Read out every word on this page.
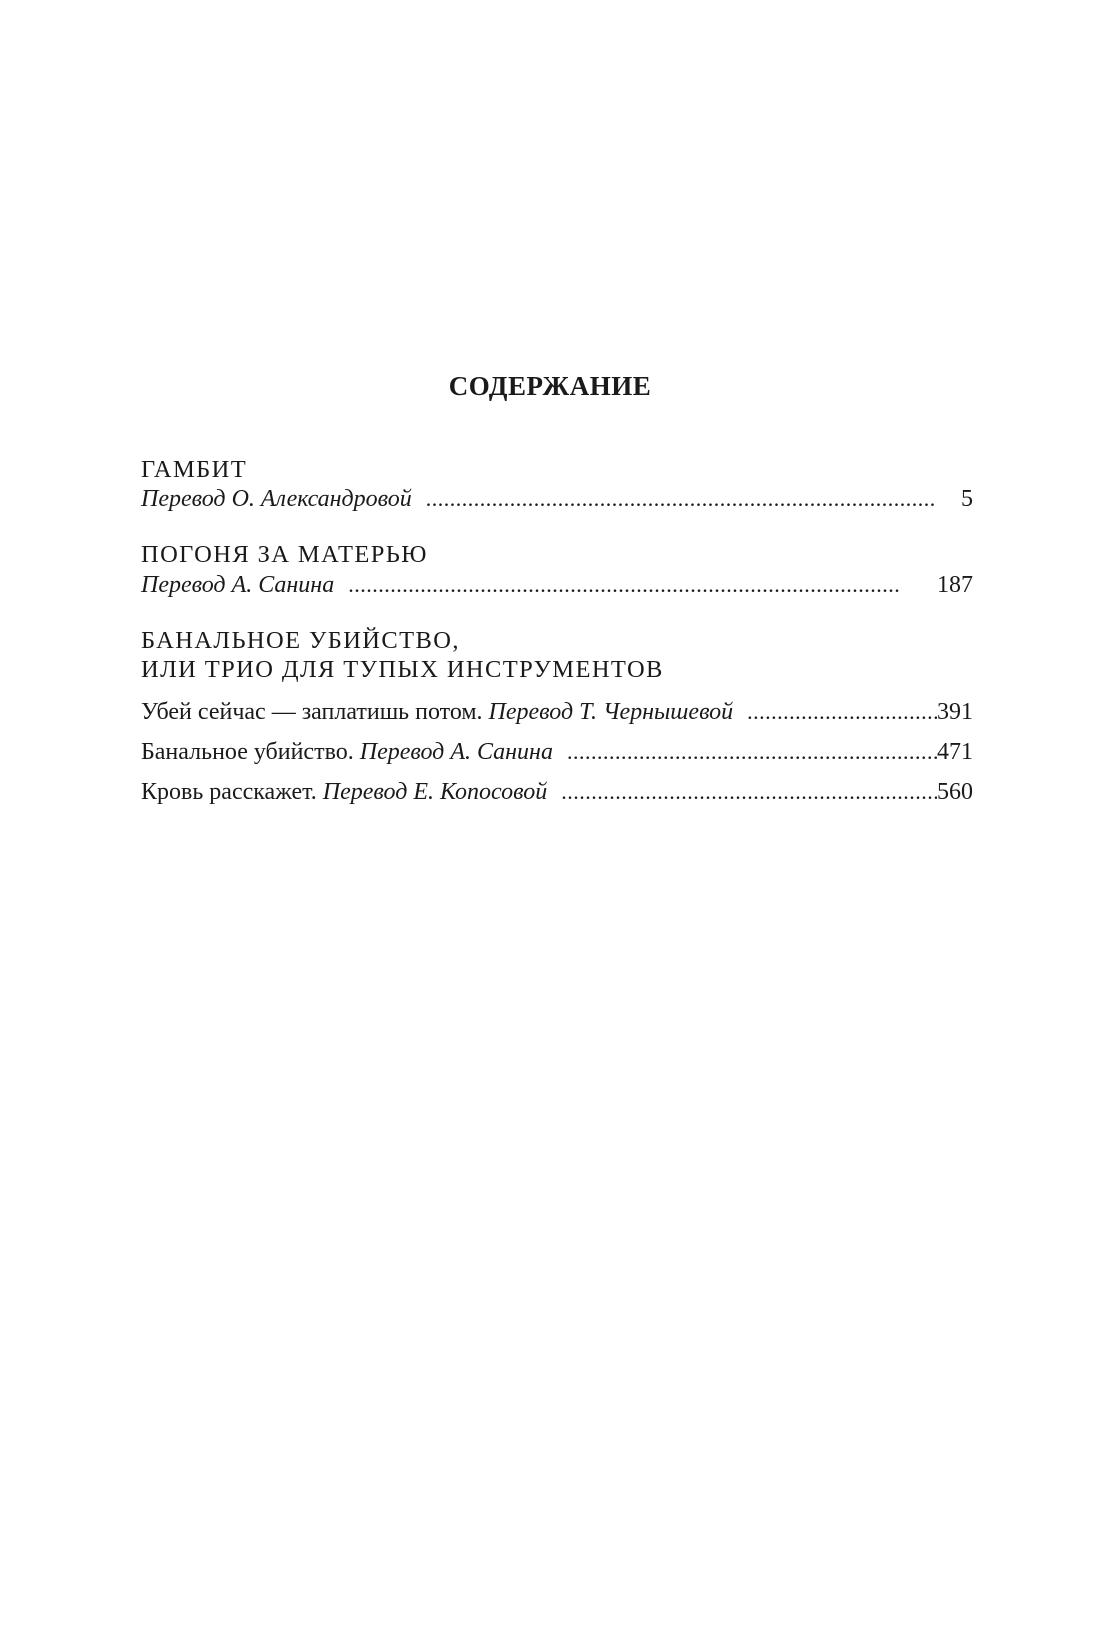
СОДЕРЖАНИЕ
ГАМБИТ
Перевод О. Александровой . . .	5
ПОГОНЯ ЗА МАТЕРЬЮ
Перевод А. Санина . . .	187
БАНАЛЬНОЕ УБИЙСТВО,
ИЛИ ТРИО ДЛЯ ТУПЫХ ИНСТРУМЕНТОВ
Убей сейчас — заплатишь потом. Перевод Т. Чернышевой . . .	391
Банальное убийство. Перевод А. Санина . . .	471
Кровь расскажет. Перевод Е. Копосовой . . .	560
